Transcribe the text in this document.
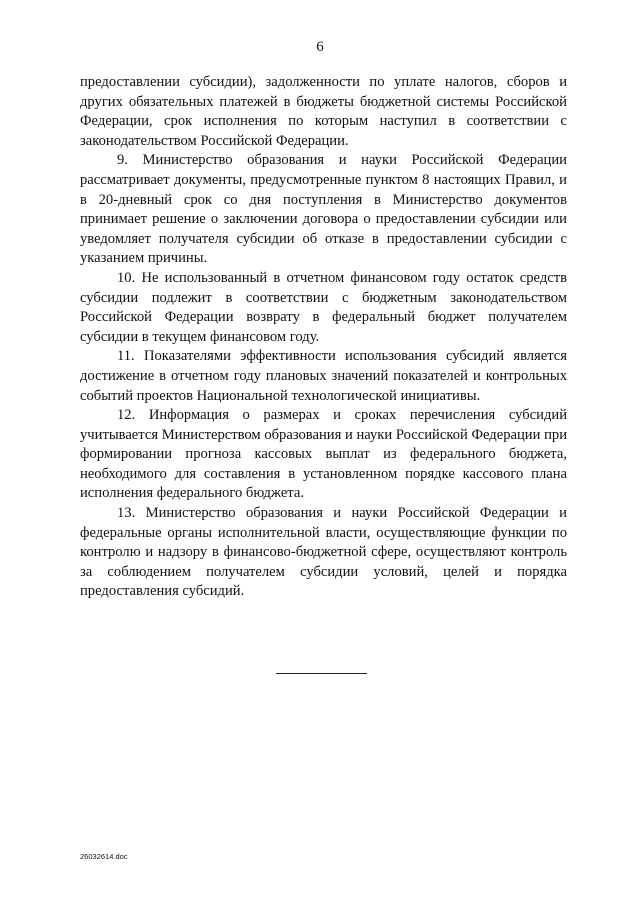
6

предоставлении субсидии), задолженности по уплате налогов, сборов и других обязательных платежей в бюджеты бюджетной системы Российской Федерации, срок исполнения по которым наступил в соответствии с законодательством Российской Федерации.

9. Министерство образования и науки Российской Федерации рассматривает документы, предусмотренные пунктом 8 настоящих Правил, и в 20-дневный срок со дня поступления в Министерство документов принимает решение о заключении договора о предоставлении субсидии или уведомляет получателя субсидии об отказе в предоставлении субсидии с указанием причины.

10. Не использованный в отчетном финансовом году остаток средств субсидии подлежит в соответствии с бюджетным законодательством Российской Федерации возврату в федеральный бюджет получателем субсидии в текущем финансовом году.

11. Показателями эффективности использования субсидий является достижение в отчетном году плановых значений показателей и контрольных событий проектов Национальной технологической инициативы.

12. Информация о размерах и сроках перечисления субсидий учитывается Министерством образования и науки Российской Федерации при формировании прогноза кассовых выплат из федерального бюджета, необходимого для составления в установленном порядке кассового плана исполнения федерального бюджета.

13. Министерство образования и науки Российской Федерации и федеральные органы исполнительной власти, осуществляющие функции по контролю и надзору в финансово-бюджетной сфере, осуществляют контроль за соблюдением получателем субсидии условий, целей и порядка предоставления субсидий.

26032614.doc
